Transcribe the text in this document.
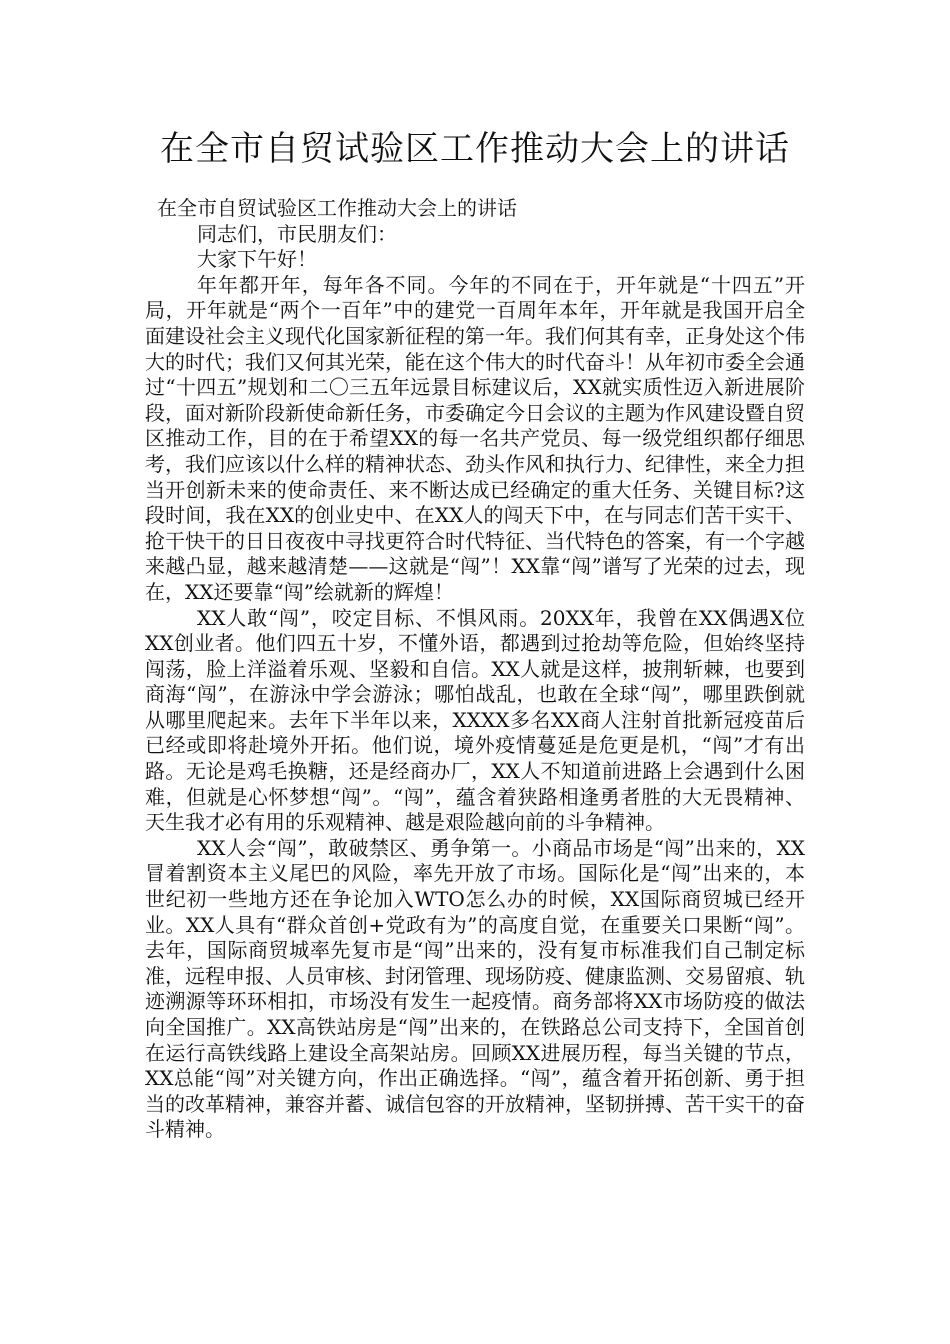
在全市自贸试验区工作推动大会上的讲话

在全市自贸试验区工作推动大会上的讲话

同志们，市民朋友们：

大家下午好！

年年都开年，每年各不同。今年的不同在于，开年就是“十四五”开局，开年就是“两个一百年”中的建党一百周年本年，开年就是我国开启全面建设社会主义现代化国家新征程的第一年。我们何其有幸，正身处这个伟大的时代；我们又何其光荣，能在这个伟大的时代奋斗！从年初市委全会通过“十四五”规划和二〇三五年远景目标建议后，XX就实质性迈入新进展阶段，面对新阶段新使命新任务，市委确定今日会议的主题为作风建设暨自贸区推动工作，目的在于希望XX的每一名共产党员、每一级党组织都仔细思考，我们应该以什么样的精神状态、劲头作风和执行力、纪律性，来全力担当开创新未来的使命责任、来不断达成已经确定的重大任务、关键目标?这段时间，我在XX的创业史中、在XX人的闯天下中，在与同志们苦干实干、抢干快干的日日夜夜中寻找更符合时代特征、当代特色的答案，有一个字越来越凸显，越来越清楚——这就是“闯”！XX靠“闯”谱写了光荣的过去，现在，XX还要靠“闯”绘就新的辉煌！

XX人敢“闯”，咬定目标、不惧风雨。20XX年，我曾在XX偶遇X位XX创业者。他们四五十岁，不懂外语，都遇到过抢劫等危险，但始终坚持闯荡，脸上洋溢着乐观、坚毅和自信。XX人就是这样，披荆斩棘，也要到商海“闯”，在游泳中学会游泳；哪怕战乱，也敢在全球“闯”，哪里跌倒就从哪里爬起来。去年下半年以来，XXXX多名XX商人注射首批新冠疫苗后已经或即将赴境外开拓。他们说，境外疫情蔓延是危更是机，“闯”才有出路。无论是鸡毛换糖，还是经商办厂，XX人不知道前进路上会遇到什么困难，但就是心怀梦想“闯”。“闯”，蕴含着狭路相逢勇者胜的大无畏精神、天生我才必有用的乐观精神、越是艰险越向前的斗争精神。

XX人会“闯”，敢破禁区、勇争第一。小商品市场是“闯”出来的，XX冒着割资本主义尾巴的风险，率先开放了市场。国际化是“闯”出来的，本世纪初一些地方还在争论加入WTO怎么办的时候，XX国际商贸城已经开业。XX人具有“群众首创+党政有为”的高度自觉，在重要关口果断“闯”。去年，国际商贸城率先复市是“闯”出来的，没有复市标准我们自己制定标准，远程申报、人员审核、封闭管理、现场防疫、健康监测、交易留痕、轨迹溯源等环环相扣，市场没有发生一起疫情。商务部将XX市场防疫的做法向全国推广。XX高铁站房是“闯”出来的，在铁路总公司支持下，全国首创在运行高铁线路上建设全高架站房。回顾XX进展历程，每当关键的节点，XX总能“闯”对关键方向，作出正确选择。“闯”，蕴含着开拓创新、勇于担当的改革精神，兼容并蓄、诚信包容的开放精神，坚韧拼搏、苦干实干的奋斗精神。
